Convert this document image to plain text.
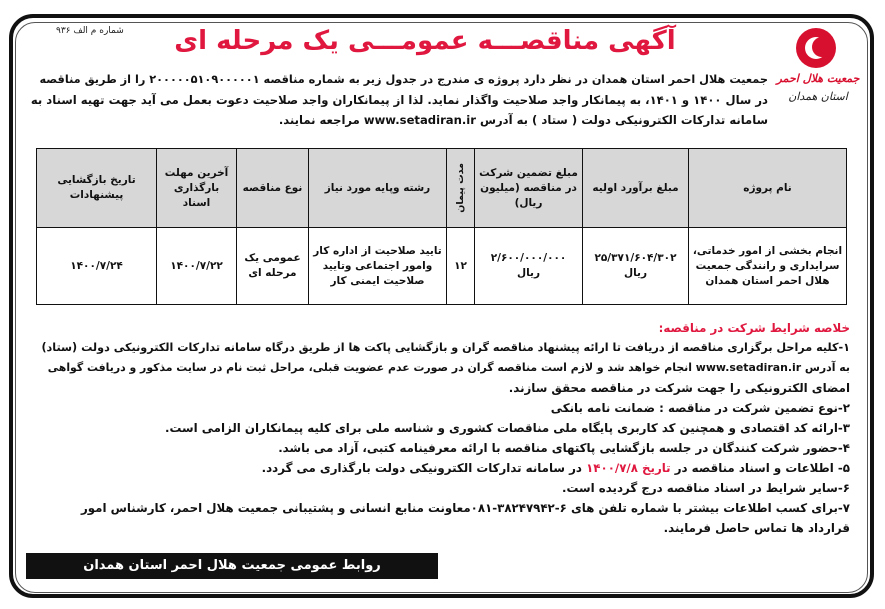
شماره م الف ۹۳۶ آگهی مناقصـــه عمومـــی یک مرحله ای
جمعیت هلال احمر
استان همدان
جمعیت هلال احمر استان همدان در نظر دارد پروژه ی مندرج در جدول زیر به شماره مناقصه ۲۰۰۰۰۰۵۱۰۹۰۰۰۰۰۱ را از طریق مناقصه
در سال ۱۴۰۰ و ۱۴۰۱، به پیمانکار واجد صلاحیت واگذار نماید. لذا از پیمانکاران واجد صلاحیت دعوت بعمل می آید جهت تهیه اسناد به
سامانه تدارکات الکترونیکی دولت ( ستاد ) به آدرس www.setadiran.ir مراجعه نمایند.
نام پروژه	مبلغ برآورد اولیه	مبلغ تضمین شرکت در مناقصه (میلیون ریال)	مدت پیمان	رشته وپایه مورد نیاز	نوع مناقصه	آخرین مهلت بارگذاری اسناد	تاریخ بازگشایی پیشنهادات
انجام بخشی از امور خدماتی، سرایداری و رانندگی جمعیت هلال احمر استان همدان	۲۵/۳۷۱/۶۰۴/۳۰۲ ریال	۲/۶۰۰/۰۰۰/۰۰۰ ریال	۱۲	تایید صلاحیت از اداره کار وامور اجتماعی وتایید صلاحیت ایمنی کار	عمومی یک مرحله ای	۱۴۰۰/۷/۲۲	۱۴۰۰/۷/۲۴
خلاصه شرایط شرکت در مناقصه:
۱-کلیه مراحل برگزاری مناقصه از دریافت تا ارائه پیشنهاد مناقصه گران و بازگشایی پاکت ها از طریق درگاه سامانه تدارکات الکترونیکی دولت (ستاد)
به آدرس www.setadiran.ir انجام خواهد شد و لازم است مناقصه گران در صورت عدم عضویت قبلی، مراحل ثبت نام در سایت مذکور و دریافت گواهی
امضای الکترونیکی را جهت شرکت در مناقصه محقق سازند.
۲-نوع تضمین شرکت در مناقصه : ضمانت نامه بانکی
۳-ارائه کد اقتصادی و همچنین کد کاربری پایگاه ملی مناقصات کشوری و شناسه ملی برای کلیه پیمانکاران الزامی است.
۴-حضور شرکت کنندگان در جلسه بازگشایی پاکتهای مناقصه با ارائه معرفینامه کتبی، آزاد می باشد.
۵- اطلاعات و اسناد مناقصه در تاریخ ۱۴۰۰/۷/۸ در سامانه تدارکات الکترونیکی دولت بارگذاری می گردد.
۶-سایر شرایط در اسناد مناقصه درج گردیده است.
۷-برای کسب اطلاعات بیشتر با شماره تلفن های ۶-۳۸۲۴۷۹۴۲-۰۸۱معاونت منابع انسانی و پشتیبانی جمعیت هلال احمر، کارشناس امور
قرارداد ها تماس حاصل فرمایند.
روابط عمومی جمعیت هلال احمر استان همدان
